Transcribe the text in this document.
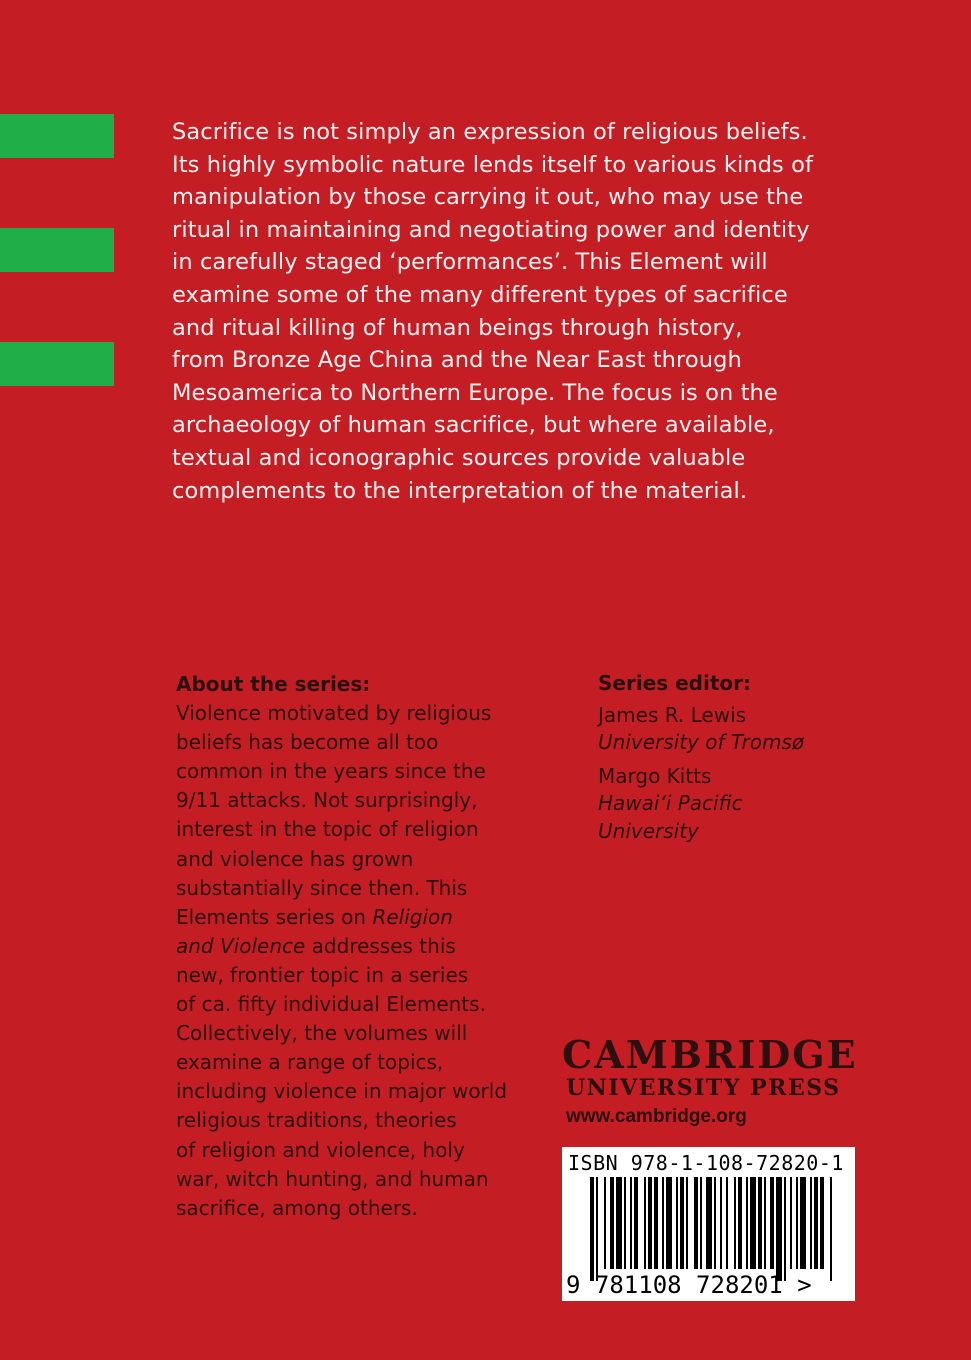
Sacrifice is not simply an expression of religious beliefs.
Its highly symbolic nature lends itself to various kinds of
manipulation by those carrying it out, who may use the
ritual in maintaining and negotiating power and identity
in carefully staged ‘performances’. This Element will
examine some of the many different types of sacrifice
and ritual killing of human beings through history,
from Bronze Age China and the Near East through
Mesoamerica to Northern Europe. The focus is on the
archaeology of human sacrifice, but where available,
textual and iconographic sources provide valuable
complements to the interpretation of the material.
About the series:
Violence motivated by religious
beliefs has become all too
common in the years since the
9/11 attacks. Not surprisingly,
interest in the topic of religion
and violence has grown
substantially since then. This
Elements series on Religion
and Violence addresses this
new, frontier topic in a series
of ca. fifty individual Elements.
Collectively, the volumes will
examine a range of topics,
including violence in major world
religious traditions, theories
of religion and violence, holy
war, witch hunting, and human
sacrifice, among others.
Series editor:
James R. Lewis
University of Tromsø
Margo Kitts
Hawai‘i Pacific
University
CAMBRIDGE
UNIVERSITY PRESS
www.cambridge.org
ISBN 978-1-108-72820-1
9 781108 728201 >
